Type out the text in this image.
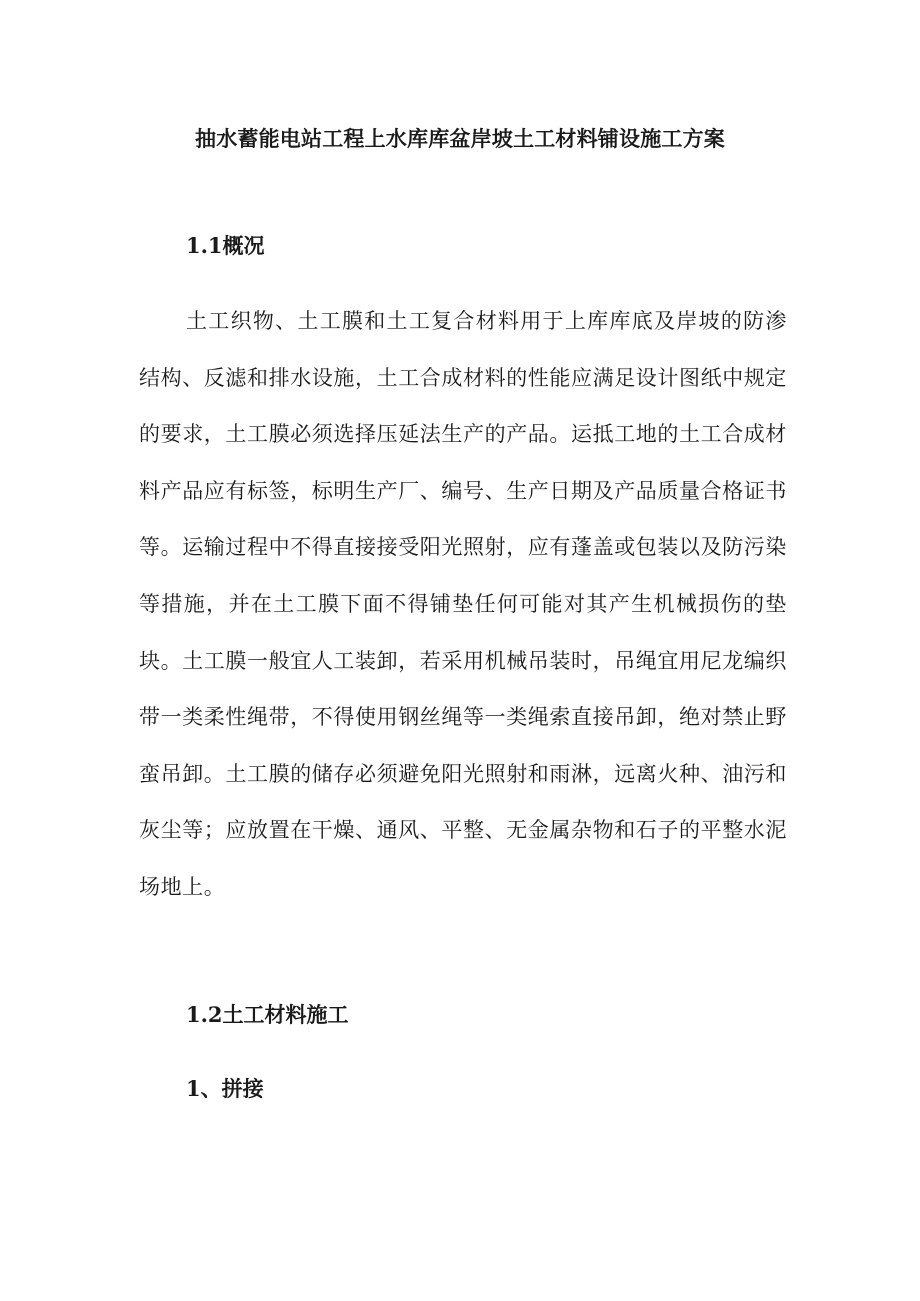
抽水蓄能电站工程上水库库盆岸坡土工材料铺设施工方案
1.1概况

土工织物、土工膜和土工复合材料用于上库库底及岸坡的防渗结构、反滤和排水设施，土工合成材料的性能应满足设计图纸中规定的要求，土工膜必须选择压延法生产的产品。运抵工地的土工合成材料产品应有标签，标明生产厂、编号、生产日期及产品质量合格证书等。运输过程中不得直接接受阳光照射，应有蓬盖或包装以及防污染等措施，并在土工膜下面不得铺垫任何可能对其产生机械损伤的垫块。土工膜一般宜人工装卸，若采用机械吊装时，吊绳宜用尼龙编织带一类柔性绳带，不得使用钢丝绳等一类绳索直接吊卸，绝对禁止野蛮吊卸。土工膜的储存必须避免阳光照射和雨淋，远离火种、油污和灰尘等；应放置在干燥、通风、平整、无金属杂物和石子的平整水泥场地上。

1.2土工材料施工
1、拼接
